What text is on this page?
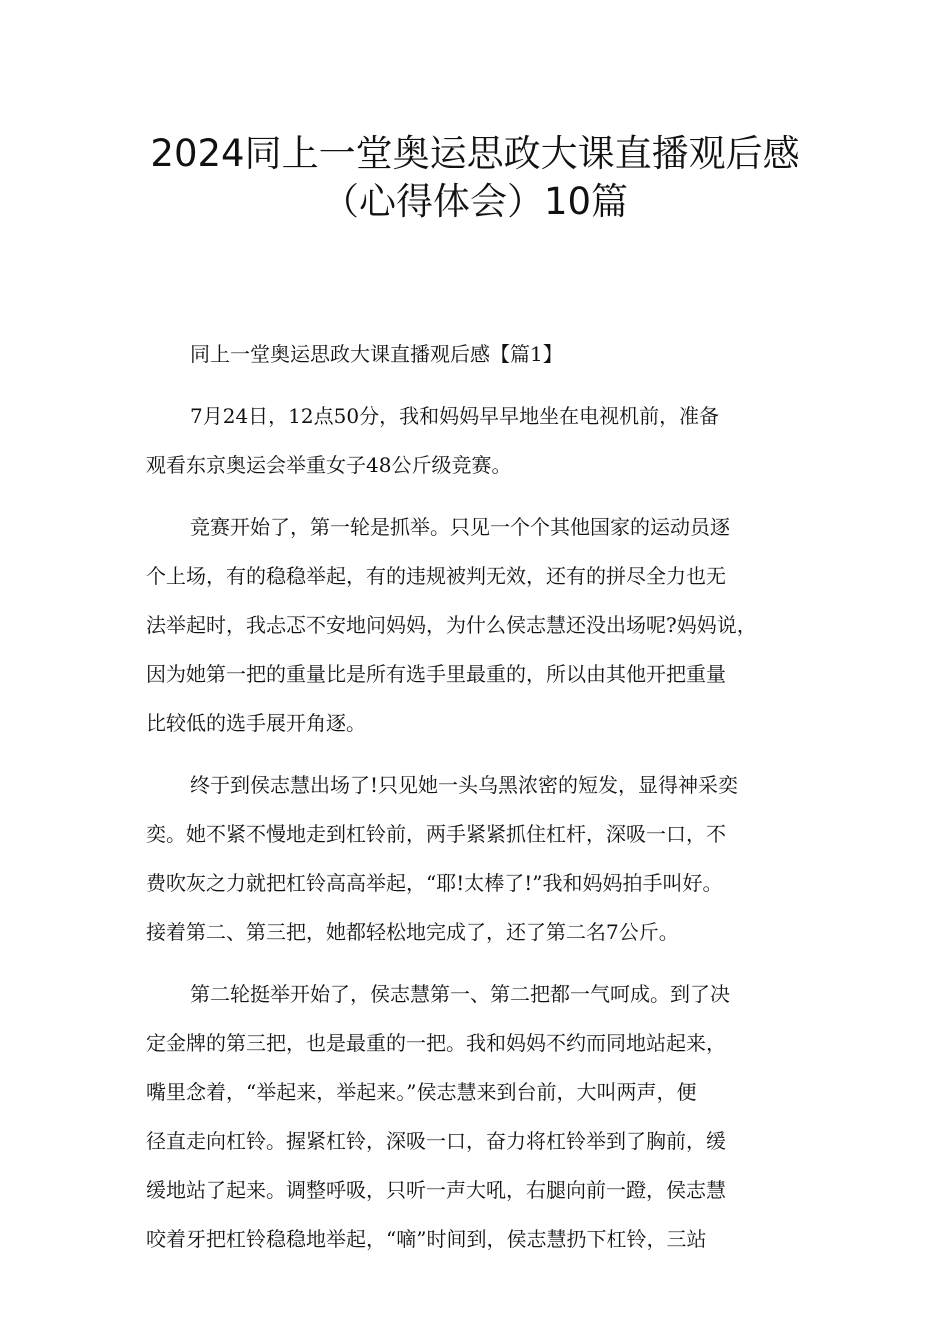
2024同上一堂奥运思政大课直播观后感
（心得体会）10篇

同上一堂奥运思政大课直播观后感【篇1】

7月24日，12点50分，我和妈妈早早地坐在电视机前，准备
观看东京奥运会举重女子48公斤级竞赛。

竞赛开始了，第一轮是抓举。只见一个个其他国家的运动员逐
个上场，有的稳稳举起，有的违规被判无效，还有的拼尽全力也无
法举起时，我忐忑不安地问妈妈，为什么侯志慧还没出场呢?妈妈说，
因为她第一把的重量比是所有选手里最重的，所以由其他开把重量
比较低的选手展开角逐。

终于到侯志慧出场了!只见她一头乌黑浓密的短发，显得神采奕
奕。她不紧不慢地走到杠铃前，两手紧紧抓住杠杆，深吸一口，不
费吹灰之力就把杠铃高高举起，“耶!太棒了!”我和妈妈拍手叫好。
接着第二、第三把，她都轻松地完成了，还了第二名7公斤。

第二轮挺举开始了，侯志慧第一、第二把都一气呵成。到了决
定金牌的第三把，也是最重的一把。我和妈妈不约而同地站起来，
嘴里念着，“举起来，举起来。”侯志慧来到台前，大叫两声，便
径直走向杠铃。握紧杠铃，深吸一口，奋力将杠铃举到了胸前，缓
缓地站了起来。调整呼吸，只听一声大吼，右腿向前一蹬，侯志慧
咬着牙把杠铃稳稳地举起，“嘀”时间到，侯志慧扔下杠铃，三站
